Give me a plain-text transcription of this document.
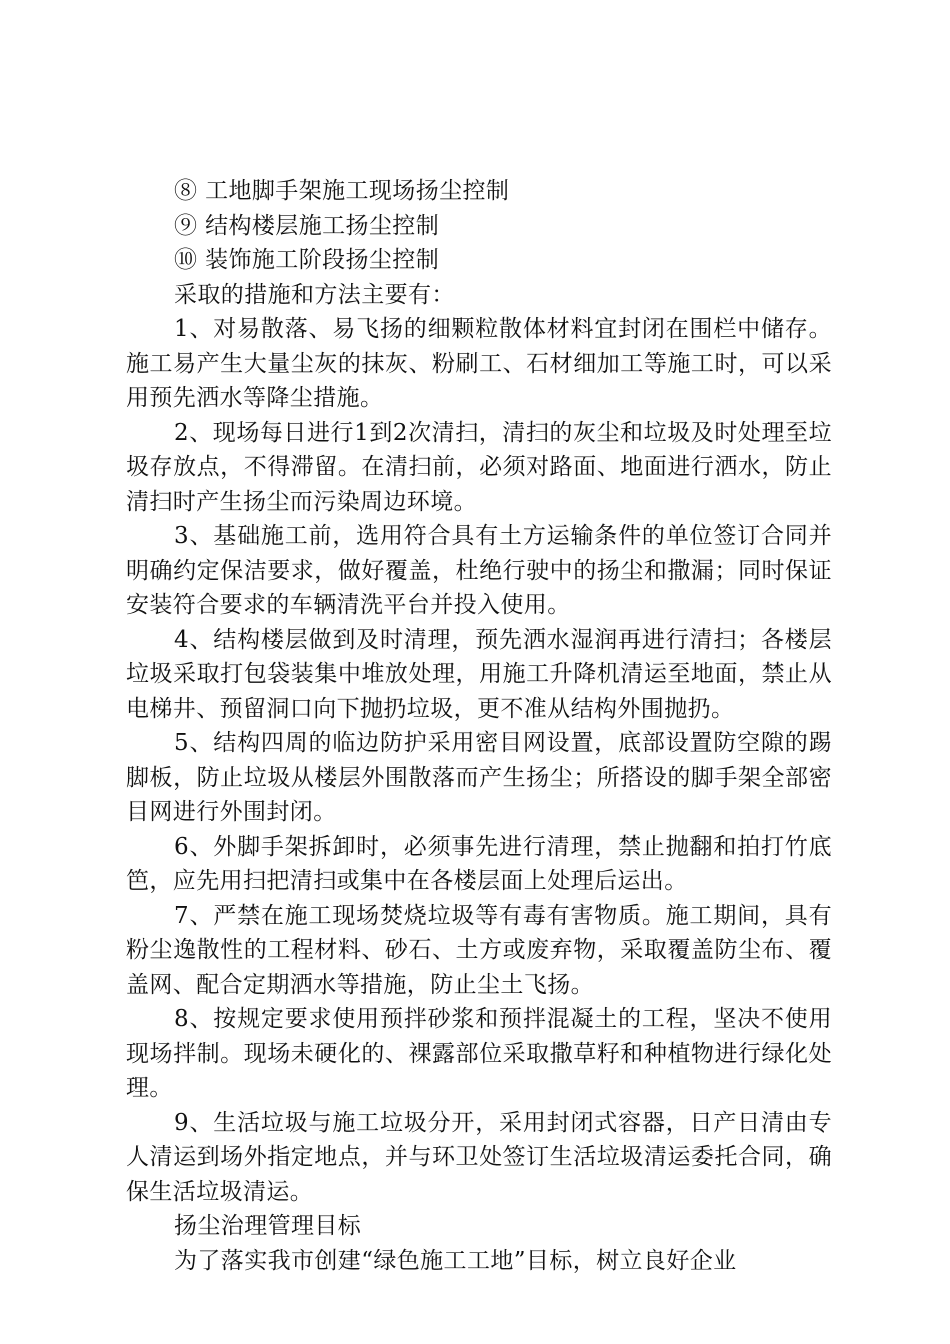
⑧ 工地脚手架施工现场扬尘控制

⑨ 结构楼层施工扬尘控制

⑩ 装饰施工阶段扬尘控制

采取的措施和方法主要有：

1、对易散落、易飞扬的细颗粒散体材料宜封闭在围栏中储存。施工易产生大量尘灰的抹灰、粉刷工、石材细加工等施工时，可以采用预先洒水等降尘措施。

2、现场每日进行1到2次清扫，清扫的灰尘和垃圾及时处理至垃圾存放点，不得滞留。在清扫前，必须对路面、地面进行洒水，防止清扫时产生扬尘而污染周边环境。

3、基础施工前，选用符合具有土方运输条件的单位签订合同并明确约定保洁要求，做好覆盖，杜绝行驶中的扬尘和撒漏；同时保证安装符合要求的车辆清洗平台并投入使用。

4、结构楼层做到及时清理，预先洒水湿润再进行清扫；各楼层垃圾采取打包袋装集中堆放处理，用施工升降机清运至地面，禁止从电梯井、预留洞口向下抛扔垃圾，更不准从结构外围抛扔。

5、结构四周的临边防护采用密目网设置，底部设置防空隙的踢脚板，防止垃圾从楼层外围散落而产生扬尘；所搭设的脚手架全部密目网进行外围封闭。

6、外脚手架拆卸时，必须事先进行清理，禁止抛翻和拍打竹底笆，应先用扫把清扫或集中在各楼层面上处理后运出。

7、严禁在施工现场焚烧垃圾等有毒有害物质。施工期间，具有粉尘逸散性的工程材料、砂石、土方或废弃物，采取覆盖防尘布、覆盖网、配合定期洒水等措施，防止尘土飞扬。

8、按规定要求使用预拌砂浆和预拌混凝土的工程，坚决不使用现场拌制。现场未硬化的、裸露部位采取撒草籽和种植物进行绿化处理。

9、生活垃圾与施工垃圾分开，采用封闭式容器，日产日清由专人清运到场外指定地点，并与环卫处签订生活垃圾清运委托合同，确保生活垃圾清运。

扬尘治理管理目标

为了落实我市创建“绿色施工工地”目标，树立良好企业
